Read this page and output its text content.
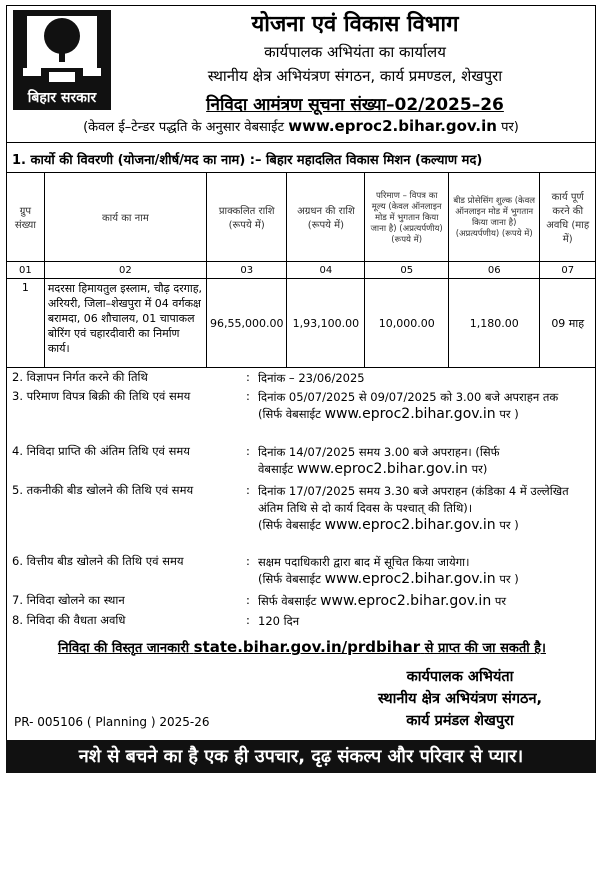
बिहार सरकार
योजना एवं विकास विभाग
कार्यपालक अभियंता का कार्यालय
स्थानीय क्षेत्र अभियंत्रण संगठन, कार्य प्रमण्डल, शेखपुरा
निविदा आमंत्रण सूचना संख्या–02/2025–26
(केवल ई–टेन्डर पद्धति के अनुसार वेबसाईट www.eproc2.bihar.gov.in पर)
1. कार्यो की विवरणी (योजना/शीर्ष/मद का नाम) :– बिहार महादलित विकास मिशन (कल्याण मद)
ग्रुप संख्या	कार्य का नाम	प्राक्कलित राशि (रूपये में)	अग्रधन की राशि (रूपये में)	परिमाण – विपत्र का मूल्य (केवल ऑनलाइन मोड में भुगतान किया जाना है) (अप्रत्यर्पणीय) (रूपये में)	बीड प्रोसेसिंग शुल्क (केवल ऑनलाइन मोड में भुगतान किया जाना है) (अप्रत्यर्पणीय) (रूपये में)	कार्य पूर्ण करने की अवधि (माह में)
01	02	03	04	05	06	07
1	मदरसा हिमायतुल इस्लाम, चौढ़ दरगाह, अरियरी, जिला–शेखपुरा में 04 वर्गकक्ष बरामदा, 06 शौचालय, 01 चापाकल बोरिंग एवं चहारदीवारी का निर्माण कार्य।	96,55,000.00	1,93,100.00	10,000.00	1,180.00	09 माह
2. विज्ञापन निर्गत करने की तिथि	: दिनांक – 23/06/2025
3. परिमाण विपत्र बिक्री की तिथि एवं समय	: दिनांक 05/07/2025 से 09/07/2025 को 3.00 बजे अपराहन तक
(सिर्फ वेबसाईट www.eproc2.bihar.gov.in पर )
4. निविदा प्राप्ति की अंतिम तिथि एवं समय	: दिनांक 14/07/2025 समय 3.00 बजे अपराहन। (सिर्फ
वेबसाईट www.eproc2.bihar.gov.in पर)
5. तकनीकी बीड खोलने की तिथि एवं समय	: दिनांक 17/07/2025 समय 3.30 बजे अपराहन (कंडिका 4 में उल्लेखित अंतिम तिथि से दो कार्य दिवस के पश्चात् की तिथि)।
(सिर्फ वेबसाईट www.eproc2.bihar.gov.in पर )
6. वित्तीय बीड खोलने की तिथि एवं समय	: सक्षम पदाधिकारी द्वारा बाद में सूचित किया जायेगा।
(सिर्फ वेबसाईट www.eproc2.bihar.gov.in पर )
7. निविदा खोलने का स्थान	: सिर्फ वेबसाईट www.eproc2.bihar.gov.in पर
8. निविदा की वैधता अवधि	: 120 दिन
निविदा की विस्तृत जानकारी state.bihar.gov.in/prdbihar से प्राप्त की जा सकती है।
कार्यपालक अभियंता
स्थानीय क्षेत्र अभियंत्रण संगठन,
कार्य प्रमंडल शेखपुरा
PR- 005106 ( Planning ) 2025-26
नशे से बचने का है एक ही उपचार, दृढ़ संकल्प और परिवार से प्यार।
